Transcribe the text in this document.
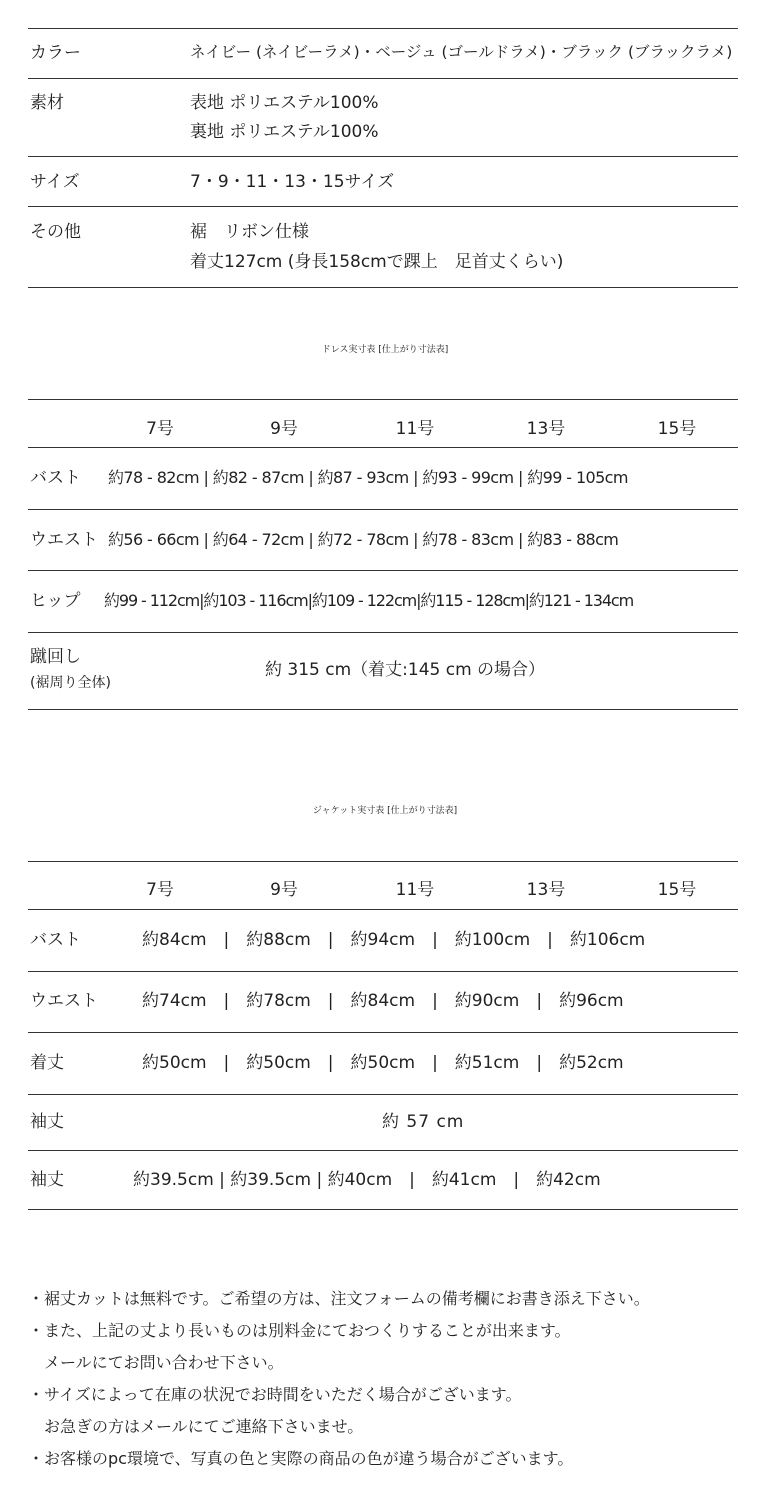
カラー	ネイビー (ネイビーラメ)・ベージュ (ゴールドラメ)・ブラック (ブラックラメ)
素材	表地 ポリエステル100%
裏地 ポリエステル100%
サイズ	7・9・11・13・15サイズ
その他	裾　リボン仕様
着丈127cm (身長158cmで踝上　足首丈くらい)
ドレス実寸表 [仕上がり寸法表]
7号	9号	11号	13号	15号
バスト 約78 - 82cm | 約82 - 87cm | 約87 - 93cm | 約93 - 99cm | 約99 - 105cm
ウエスト 約56 - 66cm | 約64 - 72cm | 約72 - 78cm | 約78 - 83cm | 約83 - 88cm
ヒップ 約99 - 112cm|約103 - 116cm|約109 - 122cm|約115 - 128cm|約121 - 134cm
蹴回し
(裾周り全体)
約 315 cm（着丈:145 cm の場合）
ジャケット実寸表 [仕上がり寸法表]
7号	9号	11号	13号	15号
バスト	約84cm　|　約88cm　|　約94cm　|　約100cm　|　約106cm
ウエスト	約74cm　|　約78cm　|　約84cm　|　約90cm　|　約96cm
着丈	約50cm　|　約50cm　|　約50cm　|　約51cm　|　約52cm
袖丈	約 57 cm
袖丈	約39.5cm | 約39.5cm | 約40cm　|　約41cm　|　約42cm
・裾丈カットは無料です。ご希望の方は、注文フォームの備考欄にお書き添え下さい。
・また、上記の丈より長いものは別料金にておつくりすることが出来ます。
　メールにてお問い合わせ下さい。
・サイズによって在庫の状況でお時間をいただく場合がございます。
　お急ぎの方はメールにてご連絡下さいませ。
・お客様のpc環境で、写真の色と実際の商品の色が違う場合がございます。
